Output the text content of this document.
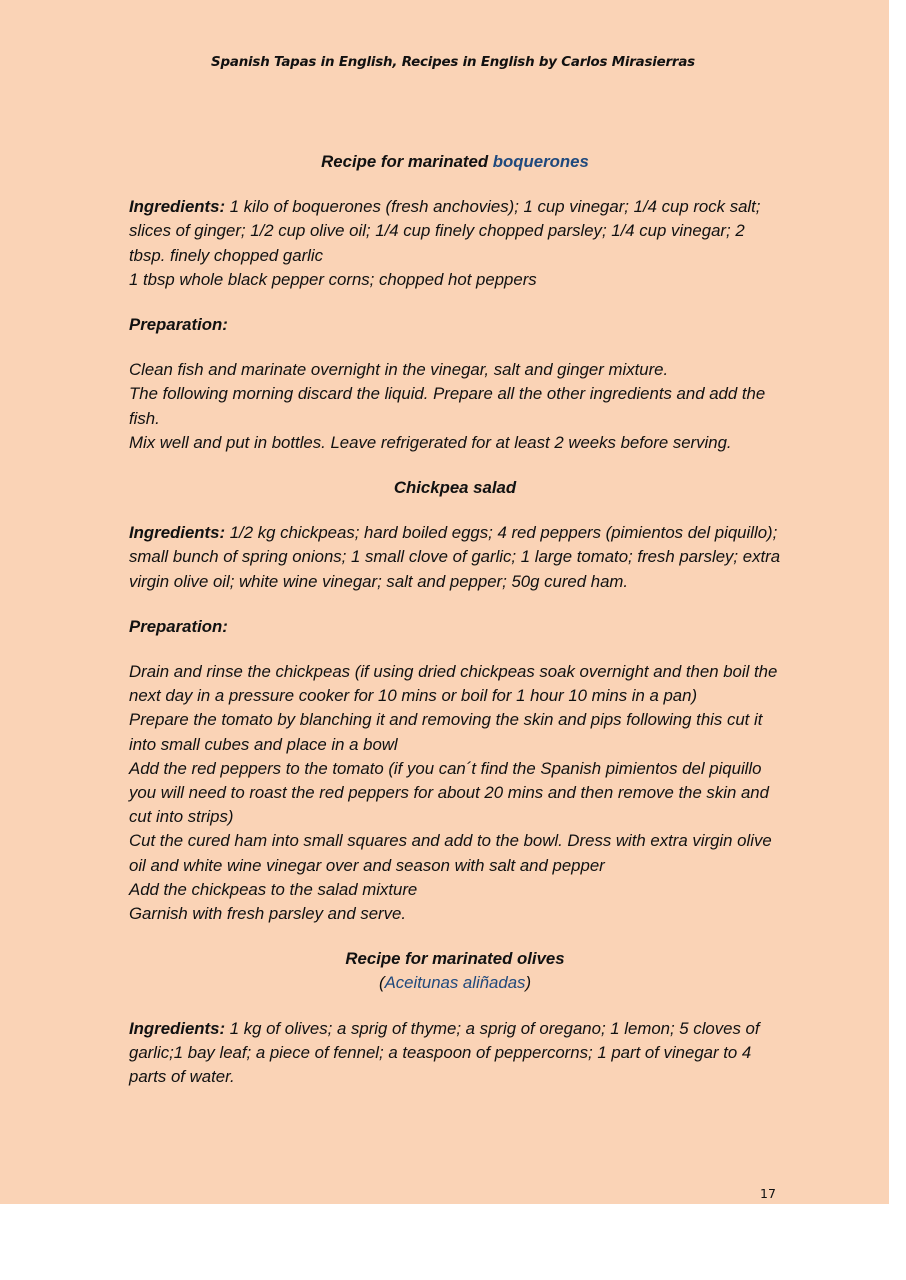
Spanish Tapas in English, Recipes in English by Carlos Mirasierras

Recipe for marinated boquerones

Ingredients: 1 kilo of boquerones (fresh anchovies); 1 cup vinegar; 1/4 cup rock salt; slices of ginger; 1/2 cup olive oil; 1/4 cup finely chopped parsley; 1/4 cup vinegar; 2 tbsp. finely chopped garlic

1 tbsp whole black pepper corns; chopped hot peppers

Preparation:

Clean fish and marinate overnight in the vinegar, salt and ginger mixture.

The following morning discard the liquid. Prepare all the other ingredients and add the fish.

Mix well and put in bottles. Leave refrigerated for at least 2 weeks before serving.

Chickpea salad

Ingredients: 1/2 kg chickpeas; hard boiled eggs; 4 red peppers (pimientos del piquillo); small bunch of spring onions; 1 small clove of garlic; 1 large tomato; fresh parsley; extra virgin olive oil; white wine vinegar; salt and pepper; 50g cured ham.

Preparation:

Drain and rinse the chickpeas (if using dried chickpeas soak overnight and then boil the next day in a pressure cooker for 10 mins or boil for 1 hour 10 mins in a pan)

Prepare the tomato by blanching it and removing the skin and pips following this cut it into small cubes and place in a bowl

Add the red peppers to the tomato (if you can´t find the Spanish pimientos del piquillo you will need to roast the red peppers for about 20 mins and then remove the skin and cut into strips)

Cut the cured ham into small squares and add to the bowl. Dress with extra virgin olive oil and white wine vinegar over and season with salt and pepper

Add the chickpeas to the salad mixture

Garnish with fresh parsley and serve.

Recipe for marinated olives

(Aceitunas aliñadas)

Ingredients: 1 kg of olives; a sprig of thyme; a sprig of oregano; 1 lemon; 5 cloves of garlic;1 bay leaf; a piece of fennel; a teaspoon of peppercorns; 1 part of vinegar to 4 parts of water.

17
